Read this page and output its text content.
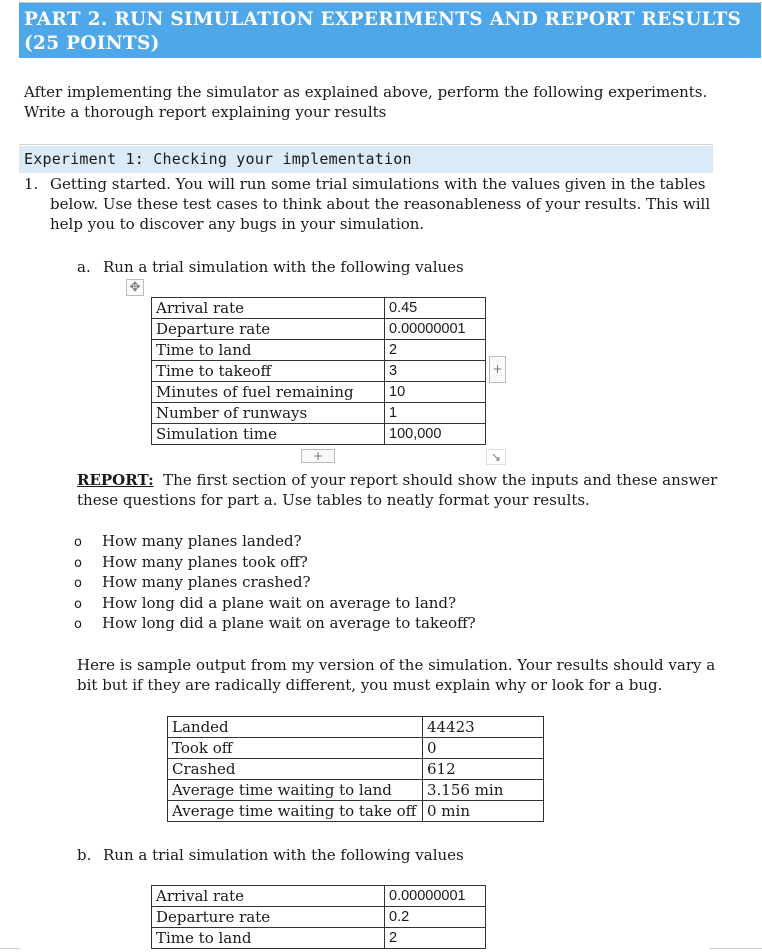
PART 2. RUN SIMULATION EXPERIMENTS AND REPORT RESULTS
(25 POINTS)
After implementing the simulator as explained above, perform the following experiments.
Write a thorough report explaining your results
Experiment 1: Checking your implementation
1. Getting started. You will run some trial simulations with the values given in the tables
below. Use these test cases to think about the reasonableness of your results. This will
help you to discover any bugs in your simulation.
a. Run a trial simulation with the following values
✥
Arrival rate	0.45
Departure rate	0.00000001
Time to land	2
Time to takeoff	3
Minutes of fuel remaining	10
Number of runways	1
Simulation time	100,000
+
+	↘
REPORT:  The first section of your report should show the inputs and these answer
these questions for part a. Use tables to neatly format your results.
o How many planes landed?
o How many planes took off?
o How many planes crashed?
o How long did a plane wait on average to land?
o How long did a plane wait on average to takeoff?
Here is sample output from my version of the simulation. Your results should vary a
bit but if they are radically different, you must explain why or look for a bug.
Landed	44423
Took off	0
Crashed	612
Average time waiting to land	3.156 min
Average time waiting to take off	0 min
b. Run a trial simulation with the following values
Arrival rate	0.00000001
Departure rate	0.2
Time to land	2
